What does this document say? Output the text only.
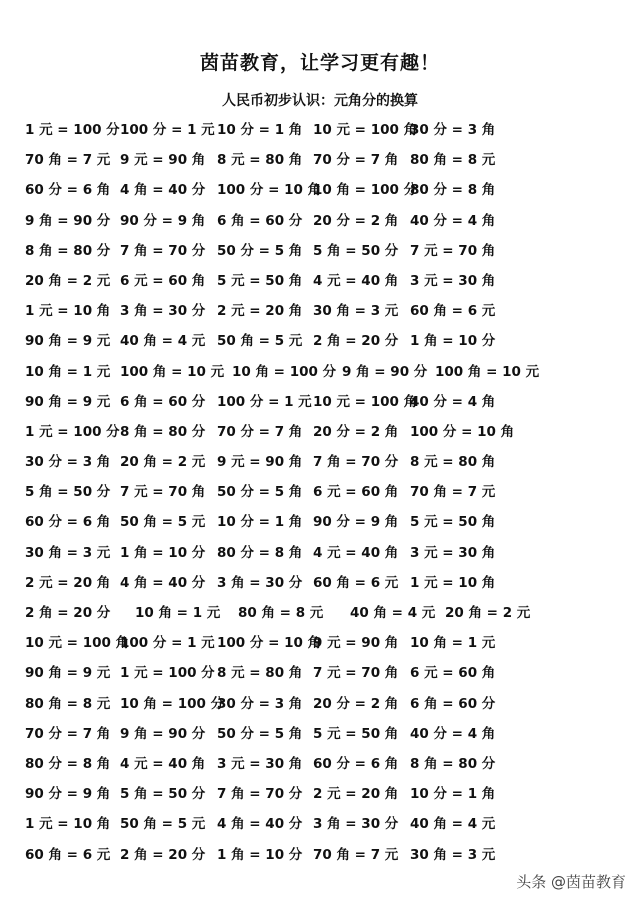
茵苗教育，让学习更有趣！
人民币初步认识：元角分的换算
1 元 = 100 分 100 分 = 1 元 10 分 = 1 角 10 元 = 100 角
30 分 = 3 角
70 角 = 7 元 9 元 = 90 角 8 元 = 80 角 70 分 = 7 角 80 角 = 8 元
60 分 = 6 角 4 角 = 40 分 100 分 = 10 角
10 角 = 100 分
80 分 = 8 角
9 角 = 90 分 90 分 = 9 角 6 角 = 60 分 20 分 = 2 角 40 分 = 4 角
8 角 = 80 分 7 角 = 70 分 50 分 = 5 角 5 角 = 50 分 7 元 = 70 角
20 角 = 2 元 6 元 = 60 角 5 元 = 50 角 4 元 = 40 角 3 元 = 30 角
1 元 = 10 角 3 角 = 30 分 2 元 = 20 角 30 角 = 3 元 60 角 = 6 元
90 角 = 9 元 40 角 = 4 元 50 角 = 5 元 2 角 = 20 分 1 角 = 10 分
10 角 = 1 元 100 角 = 10 元 10 角 = 100 分 9 角 = 90 分 100 角 = 10 元
90 角 = 9 元 6 角 = 60 分 100 分 = 1 元 10 元 = 100 角
40 分 = 4 角
1 元 = 100 分 8 角 = 80 分 70 分 = 7 角 20 分 = 2 角 100 分 = 10 角
30 分 = 3 角 20 角 = 2 元 9 元 = 90 角 7 角 = 70 分 8 元 = 80 角
5 角 = 50 分 7 元 = 70 角 50 分 = 5 角 6 元 = 60 角 70 角 = 7 元
60 分 = 6 角 50 角 = 5 元 10 分 = 1 角 90 分 = 9 角 5 元 = 50 角
30 角 = 3 元 1 角 = 10 分 80 分 = 8 角 4 元 = 40 角 3 元 = 30 角
2 元 = 20 角 4 角 = 40 分 3 角 = 30 分 60 角 = 6 元 1 元 = 10 角
2 角 = 20 分 10 角 = 1 元 80 角 = 8 元 40 角 = 4 元 20 角 = 2 元
10 元 = 100 角
100 分 = 1 元 100 分 = 10 角
9 元 = 90 角 10 角 = 1 元
90 角 = 9 元 1 元 = 100 分 8 元 = 80 角 7 元 = 70 角 6 元 = 60 角
80 角 = 8 元 10 角 = 100 分
30 分 = 3 角 20 分 = 2 角 6 角 = 60 分
70 分 = 7 角 9 角 = 90 分 50 分 = 5 角 5 元 = 50 角 40 分 = 4 角
80 分 = 8 角 4 元 = 40 角 3 元 = 30 角 60 分 = 6 角 8 角 = 80 分
90 分 = 9 角 5 角 = 50 分 7 角 = 70 分 2 元 = 20 角 10 分 = 1 角
1 元 = 10 角 50 角 = 5 元 4 角 = 40 分 3 角 = 30 分 40 角 = 4 元
60 角 = 6 元 2 角 = 20 分 1 角 = 10 分 70 角 = 7 元 30 角 = 3 元
头条 @茵苗教育
